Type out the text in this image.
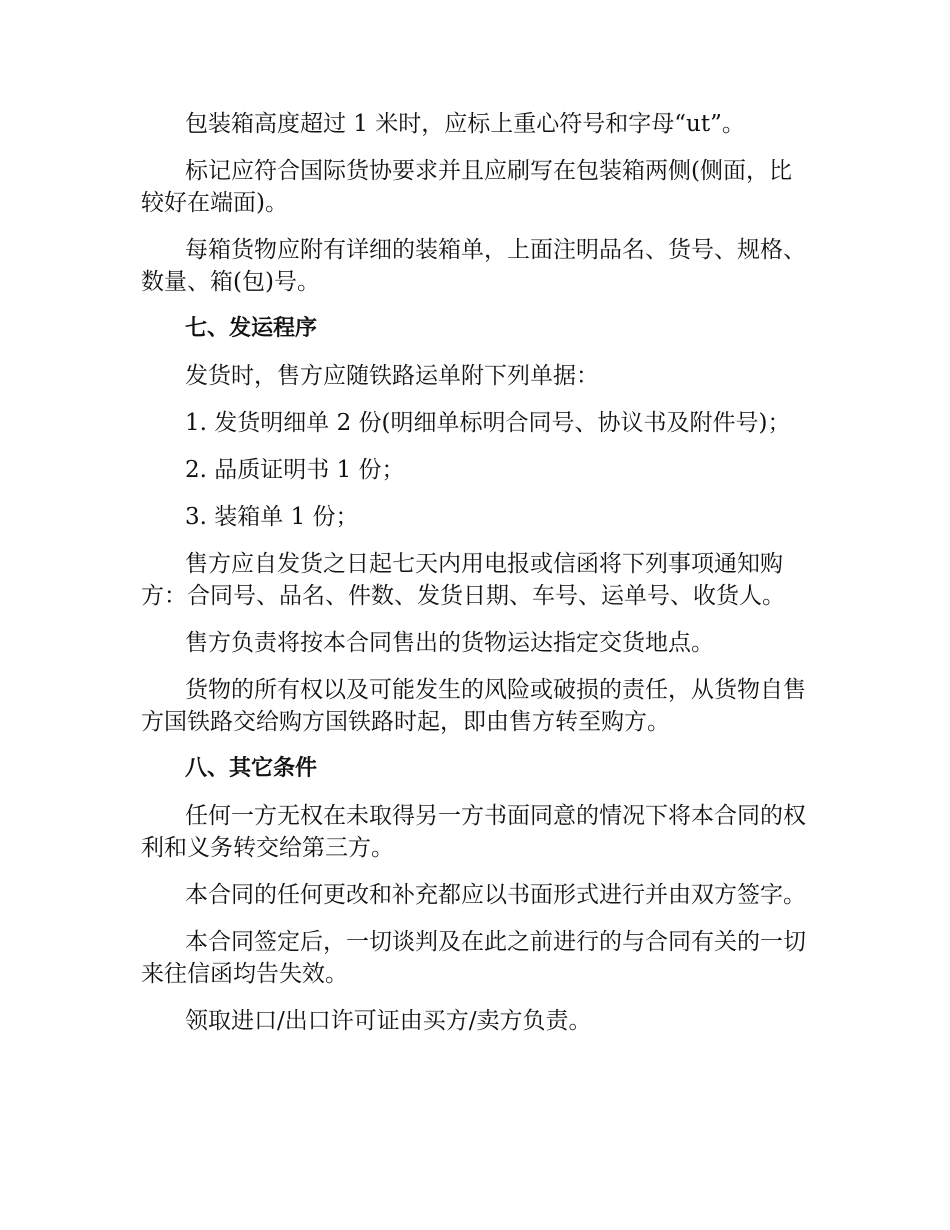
包装箱高度超过 1 米时，应标上重心符号和字母“ut”。

标记应符合国际货协要求并且应刷写在包装箱两侧(侧面，比较好在端面)。

每箱货物应附有详细的装箱单，上面注明品名、货号、规格、数量、箱(包)号。

七、发运程序

发货时，售方应随铁路运单附下列单据：

1. 发货明细单 2 份(明细单标明合同号、协议书及附件号)；

2. 品质证明书 1 份；

3. 装箱单 1 份；

售方应自发货之日起七天内用电报或信函将下列事项通知购方：合同号、品名、件数、发货日期、车号、运单号、收货人。

售方负责将按本合同售出的货物运达指定交货地点。

货物的所有权以及可能发生的风险或破损的责任，从货物自售方国铁路交给购方国铁路时起，即由售方转至购方。

八、其它条件

任何一方无权在未取得另一方书面同意的情况下将本合同的权利和义务转交给第三方。

本合同的任何更改和补充都应以书面形式进行并由双方签字。

本合同签定后，一切谈判及在此之前进行的与合同有关的一切来往信函均告失效。

领取进口/出口许可证由买方/卖方负责。
